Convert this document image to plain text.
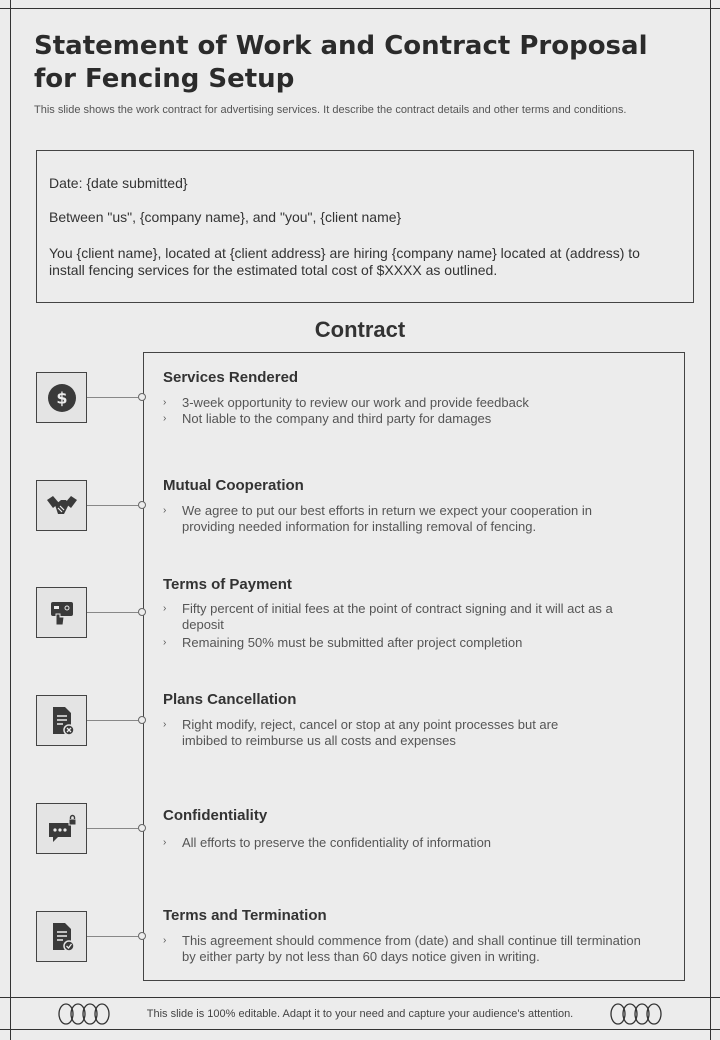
Statement of Work and Contract Proposal for Fencing Setup
This slide shows the work contract for advertising services. It describe the contract details and other terms and conditions.
Date: {date submitted}
Between "us", {company name}, and "you", {client name}
You {client name}, located at {client address} are hiring {company name} located at (address) to install fencing services for the estimated total cost of $XXXX as outlined.
Contract
$
Services Rendered
›	3-week opportunity to review our work and provide feedback
›	Not liable to the company and third party for damages
Mutual Cooperation
›	We agree to put our best efforts in return we expect your cooperation in providing needed information for installing removal of fencing.
Terms of Payment
›	Fifty percent of initial fees at the point of contract signing and it will act as a deposit
›	Remaining 50% must be submitted after project completion
Plans Cancellation
›	Right modify, reject, cancel or stop at any point processes but are imbibed to reimburse us all costs and expenses
Confidentiality
›	All efforts to preserve the confidentiality of information
Terms and Termination
›	This agreement should commence from (date) and shall continue till termination by either party by not less than 60 days notice given in writing.
This slide is 100% editable. Adapt it to your need and capture your audience's attention.
